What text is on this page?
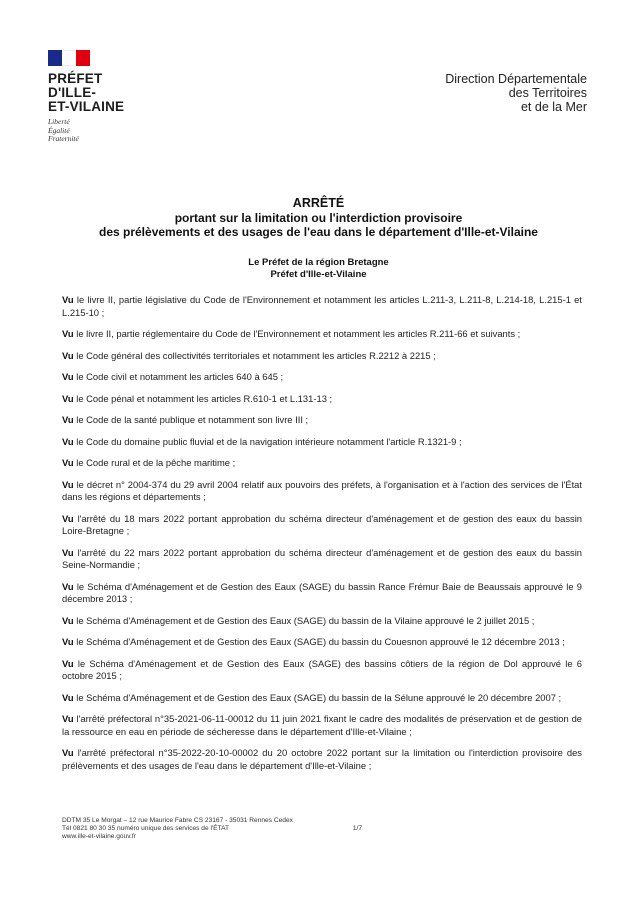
PRÉFET
D'ILLE-
ET-VILAINE
Liberté
Égalité
Fraternité
Direction Départementale
des Territoires
et de la Mer
ARRÊTÉ
portant sur la limitation ou l'interdiction provisoire
des prélèvements et des usages de l'eau dans le département d'Ille-et-Vilaine
Le Préfet de la région Bretagne
Préfet d'Ille-et-Vilaine

Vu le livre II, partie législative du Code de l'Environnement et notamment les articles L.211-3, L.211-8, L.214-18, L.215-1 et L.215-10 ;

Vu le livre II, partie réglementaire du Code de l'Environnement et notamment les articles R.211-66 et suivants ;

Vu le Code général des collectivités territoriales et notamment les articles R.2212 à 2215 ;

Vu le Code civil et notamment les articles 640 à 645 ;

Vu le Code pénal et notamment les articles R.610-1 et L.131-13 ;

Vu le Code de la santé publique et notamment son livre III ;

Vu le Code du domaine public fluvial et de la navigation intérieure notamment l'article R.1321-9 ;

Vu le Code rural et de la pêche maritime ;

Vu le décret n° 2004-374 du 29 avril 2004 relatif aux pouvoirs des préfets, à l'organisation et à l'action des services de l'État dans les régions et départements ;

Vu l'arrêté du 18 mars 2022 portant approbation du schéma directeur d'aménagement et de gestion des eaux du bassin Loire-Bretagne ;

Vu l'arrêté du 22 mars 2022 portant approbation du schéma directeur d'aménagement et de gestion des eaux du bassin Seine-Normandie ;

Vu le Schéma d'Aménagement et de Gestion des Eaux (SAGE) du bassin Rance Frémur Baie de Beaussais approuvé le 9 décembre 2013 ;

Vu le Schéma d'Aménagement et de Gestion des Eaux (SAGE) du bassin de la Vilaine approuvé le 2 juillet 2015 ;

Vu le Schéma d'Aménagement et de Gestion des Eaux (SAGE) du bassin du Couesnon approuvé le 12 décembre 2013 ;

Vu le Schéma d'Aménagement et de Gestion des Eaux (SAGE) des bassins côtiers de la région de Dol approuvé le 6 octobre 2015 ;

Vu le Schéma d'Aménagement et de Gestion des Eaux (SAGE) du bassin de la Sélune approuvé le 20 décembre 2007 ;

Vu l'arrêté préfectoral n°35-2021-06-11-00012 du 11 juin 2021 fixant le cadre des modalités de préservation et de gestion de la ressource en eau en période de sécheresse dans le département d'Ille-et-Vilaine ;

Vu l'arrêté préfectoral n°35-2022-20-10-00002 du 20 octobre 2022 portant sur la limitation ou l'interdiction provisoire des prélèvements et des usages de l'eau dans le département d'Ille-et-Vilaine ;

DDTM 35 Le Morgat – 12 rue Maurice Fabre CS 23167 - 35031 Rennes Cedex
Tél 0821 80 30 35 numéro unique des services de l'ÉTAT	1/7
www.ille-et-vilaine.gouv.fr
